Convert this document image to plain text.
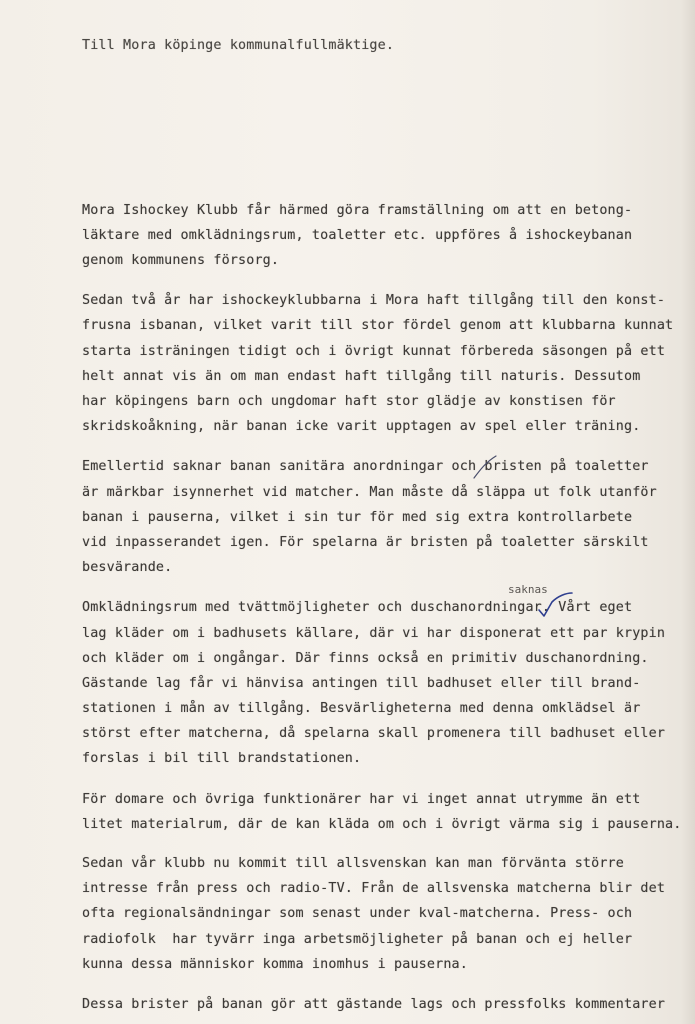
Till Mora köpinge kommunalfullmäktige.
Mora Ishockey Klubb får härmed göra framställning om att en betong-
läktare med omklädningsrum, toaletter etc. uppföres å ishockeybanan
genom kommunens försorg.
Sedan två år har ishockeyklubbarna i Mora haft tillgång till den konst-
frusna isbanan, vilket varit till stor fördel genom att klubbarna kunnat
starta isträningen tidigt och i övrigt kunnat förbereda säsongen på ett
helt annat vis än om man endast haft tillgång till naturis. Dessutom
har köpingens barn och ungdomar haft stor glädje av konstisen för
skridskoåkning, när banan icke varit upptagen av spel eller träning.
Emellertid saknar banan sanitära anordningar och bristen på toaletter
är märkbar isynnerhet vid matcher. Man måste då släppa ut folk utanför
banan i pauserna, vilket i sin tur för med sig extra kontrollarbete
vid inpasserandet igen. För spelarna är bristen på toaletter särskilt
besvärande.
saknas
Omklädningsrum med tvättmöjligheter och duschanordningar. Vårt eget
lag kläder om i badhusets källare, där vi har disponerat ett par krypin
och kläder om i ongångar. Där finns också en primitiv duschanordning.
Gästande lag får vi hänvisa antingen till badhuset eller till brand-
stationen i mån av tillgång. Besvärligheterna med denna omklädsel är
störst efter matcherna, då spelarna skall promenera till badhuset eller
forslas i bil till brandstationen.
För domare och övriga funktionärer har vi inget annat utrymme än ett
litet materialrum, där de kan kläda om och i övrigt värma sig i pauserna.
Sedan vår klubb nu kommit till allsvenskan kan man förvänta större
intresse från press och radio-TV. Från de allsvenska matcherna blir det
ofta regionalsändningar som senast under kval-matcherna. Press- och
radiofolk  har tyvärr inga arbetsmöjligheter på banan och ej heller
kunna dessa människor komma inomhus i pauserna.
Dessa brister på banan gör att gästande lags och pressfolks kommentarer
